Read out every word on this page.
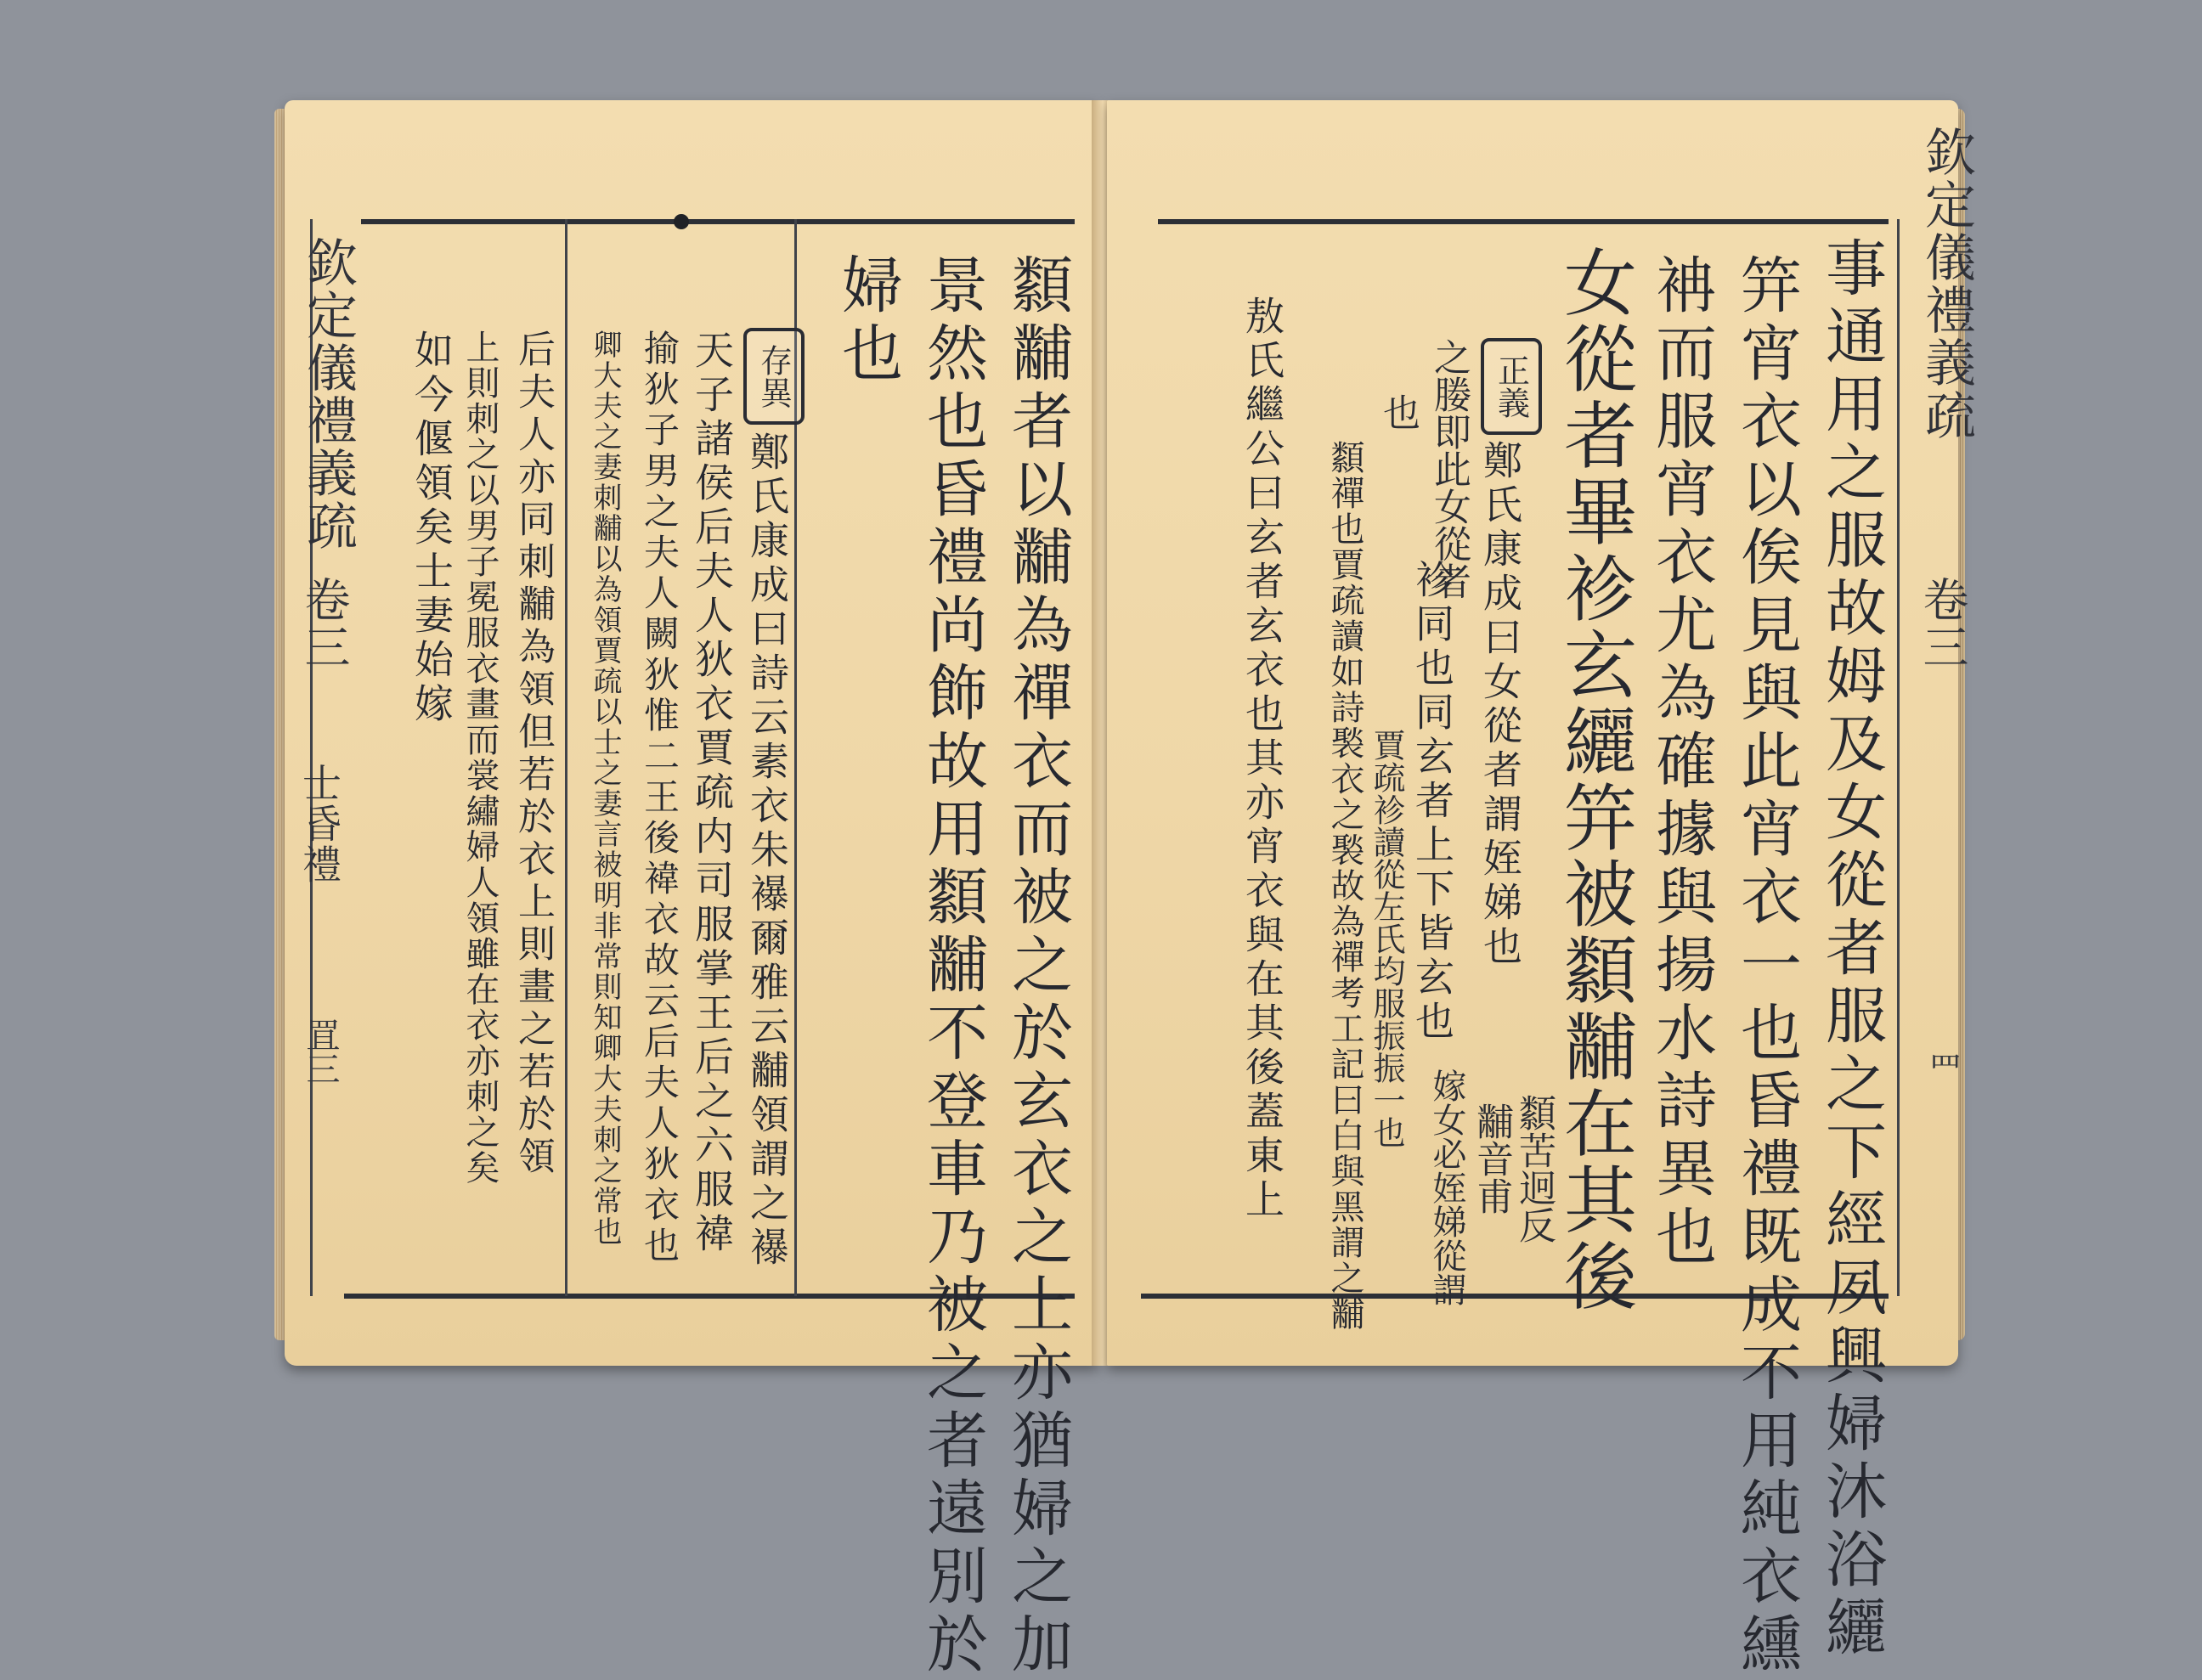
欽定儀禮義疏
卷三
士昏禮
罝三	纇黼者以黼為禪衣而被之於玄衣之上亦猶婦之加
景然也昏禮尚飾故用纇黼不登車乃被之者遠別於
婦也
存異
鄭氏康成曰詩云素衣朱襮爾雅云黼領謂之襮
天子諸侯后夫人狄衣賈疏内司服掌王后之六服褘
揄狄子男之夫人闕狄惟二王後褘衣故云后夫人狄衣也
卿大夫之妻刺黼以為領賈疏以士之妻言被明非常則知卿大夫刺之常也
后夫人亦同刺黼為領但若於衣上則畫之若於領
上則刺之以男子冕服衣畫而裳繡婦人領雖在衣亦刺之矣
如今偃領矣士妻始嫁
欽定儀禮義疏
卷三
罒
事通用之服故姆及女從者服之下經夙興婦沐浴纚
笄宵衣以俟見與此宵衣一也昏禮既成不用純衣纁
袡而服宵衣尤為確據與揚水詩異也
女從者畢袗玄纚笄被纇黼在其後
纇苦迥反
黼音甫
正義
鄭氏康成曰女從者謂姪娣也
袗同也同玄者上下皆玄也
纇禪也賈疏讀如詩褧衣之褧故為禪考工記曰白與黑謂之黼
敖氏繼公曰玄者玄衣也其亦宵衣與在其後蓋東上	之媵即此女從者
嫁女必姪娣從謂
賈疏袗讀從左氏均服振振一也
也
